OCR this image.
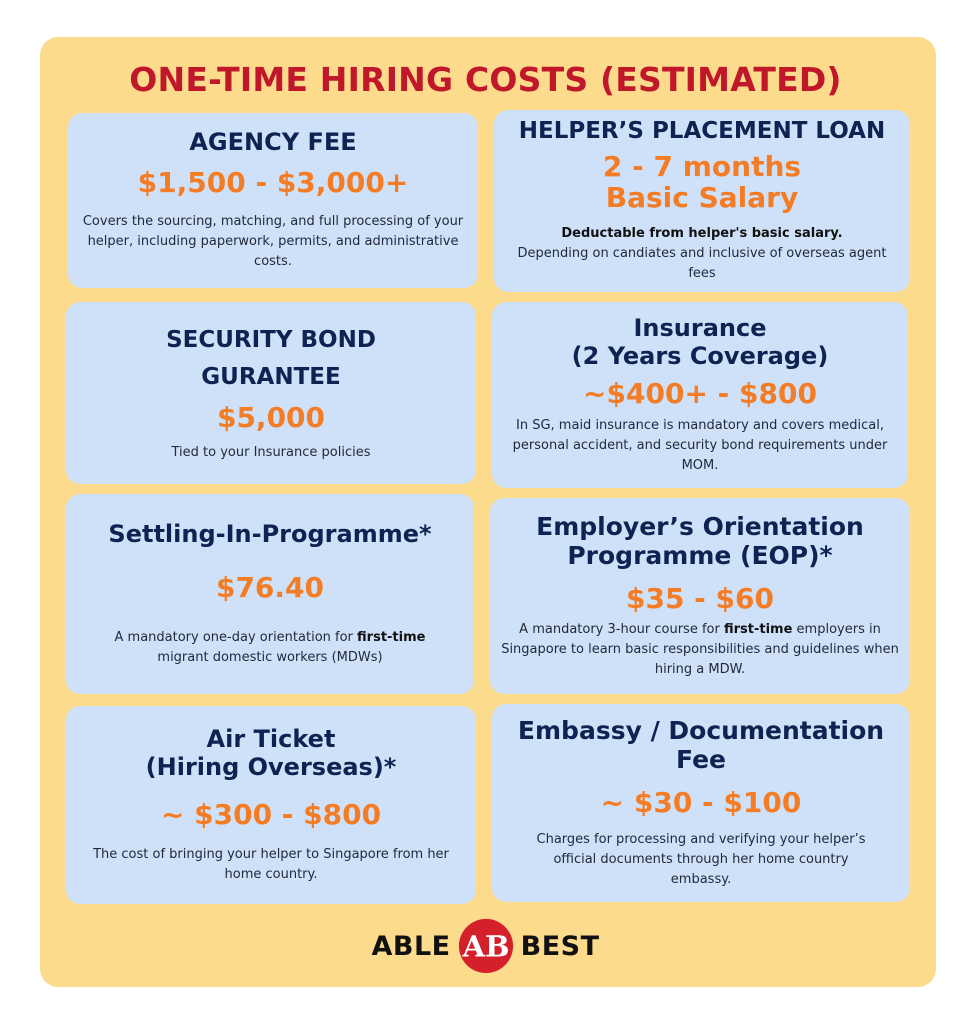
ONE-TIME HIRING COSTS (ESTIMATED)
AGENCY FEE
$1,500 - $3,000+
Covers the sourcing, matching, and full processing of your helper, including paperwork, permits, and administrative costs.
HELPER’S PLACEMENT LOAN
2 - 7 months
Basic Salary
Deductable from helper's basic salary.
Depending on candiates and inclusive of overseas agent fees
SECURITY BOND
GURANTEE
$5,000
Tied to your Insurance policies
Insurance
(2 Years Coverage)
~$400+ - $800
In SG, maid insurance is mandatory and covers medical, personal accident, and security bond requirements under MOM.
Settling-In-Programme*
$76.40
A mandatory one-day orientation for first-time migrant domestic workers (MDWs)
Employer’s Orientation
Programme (EOP)*
$35 - $60
A mandatory 3-hour course for first-time employers in Singapore to learn basic responsibilities and guidelines when hiring a MDW.
Air Ticket
(Hiring Overseas)*
~ $300 - $800
The cost of bringing your helper to Singapore from her home country.
Embassy / Documentation
Fee
~ $30 - $100
Charges for processing and verifying your helper’s official documents through her home country embassy.
ABLE AB BEST
